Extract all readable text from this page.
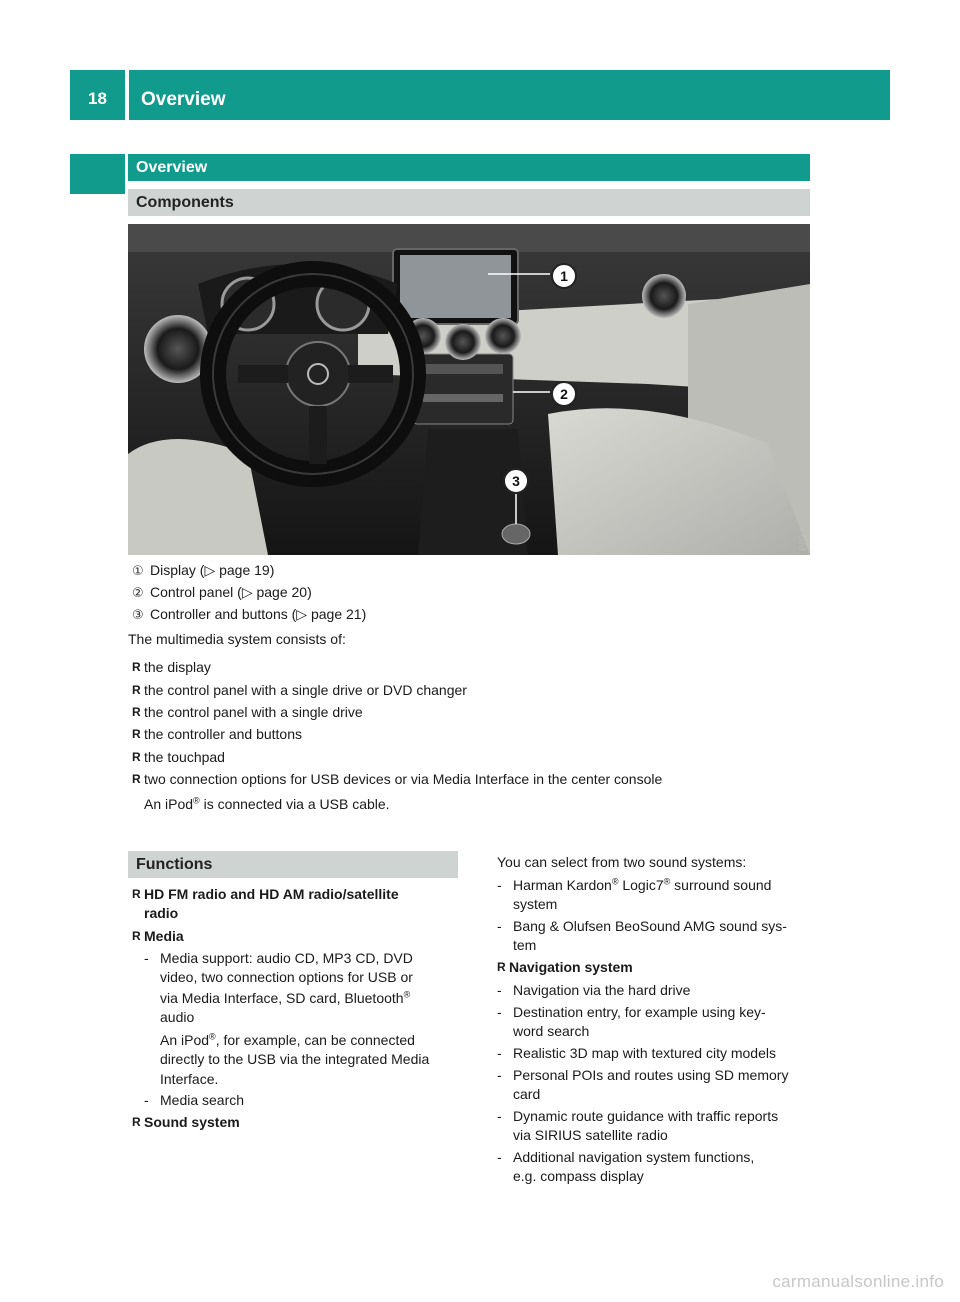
18	Overview
Overview
Components
1
2
3
P82.87-8377-31
① Display (▷ page 19)
② Control panel (▷ page 20)
③ Controller and buttons (▷ page 21)
The multimedia system consists of:
R the display
R the control panel with a single drive or DVD changer
R the control panel with a single drive
R the controller and buttons
R the touchpad
R two connection options for USB devices or via Media Interface in the center console
An iPod® is connected via a USB cable.
Functions
R HD FM radio and HD AM radio/satellite
radio
R Media
- Media support: audio CD, MP3 CD, DVD
video, two connection options for USB or
via Media Interface, SD card, Bluetooth®
audio
An iPod®, for example, can be connected
directly to the USB via the integrated Media
Interface.
- Media search
R Sound system
You can select from two sound systems:
- Harman Kardon® Logic7® surround sound
system
- Bang & Olufsen BeoSound AMG sound sys-
tem
R Navigation system
- Navigation via the hard drive
- Destination entry, for example using key-
word search
- Realistic 3D map with textured city models
- Personal POIs and routes using SD memory
card
- Dynamic route guidance with traffic reports
via SIRIUS satellite radio
- Additional navigation system functions,
e.g. compass display
carmanualsonline.info
